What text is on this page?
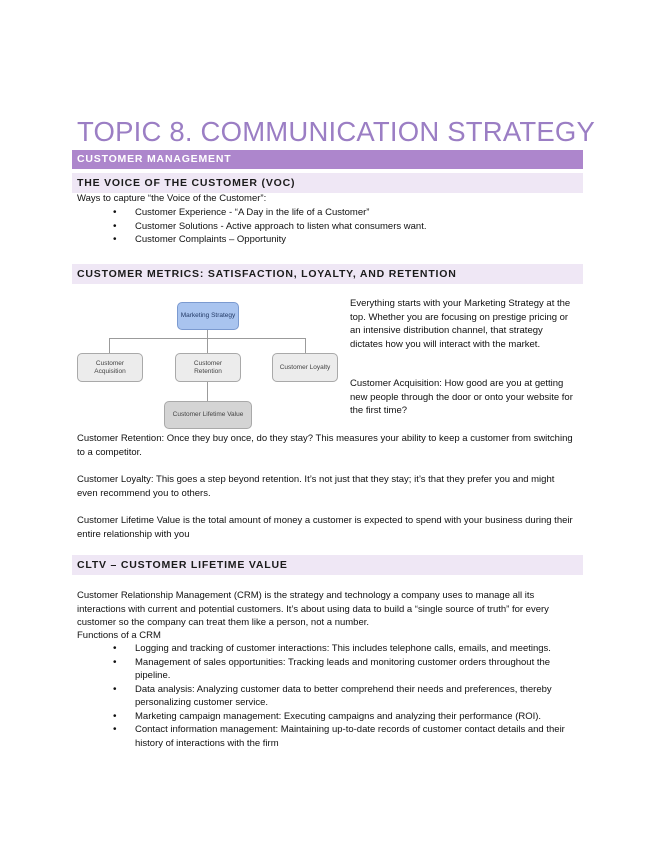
TOPIC 8. COMMUNICATION STRATEGY
CUSTOMER MANAGEMENT
THE VOICE OF THE CUSTOMER (VOC)
Ways to capture “the Voice of the Customer”:
• Customer Experience - “A Day in the life of a Customer”
• Customer Solutions - Active approach to listen what consumers want.
• Customer Complaints – Opportunity
CUSTOMER METRICS: SATISFACTION, LOYALTY, AND RETENTION
Everything starts with your Marketing Strategy at the top. Whether you are focusing on prestige pricing or an intensive distribution channel, that strategy dictates how you will interact with the market.
Customer Acquisition: How good are you at getting new people through the door or onto your website for the first time?
Customer Retention: Once they buy once, do they stay? This measures your ability to keep a customer from switching to a competitor.
Customer Loyalty: This goes a step beyond retention. It’s not just that they stay; it’s that they prefer you and might even recommend you to others.
Customer Lifetime Value is the total amount of money a customer is expected to spend with your business during their entire relationship with you
CLTV – CUSTOMER LIFETIME VALUE
Customer Relationship Management (CRM) is the strategy and technology a company uses to manage all its interactions with current and potential customers. It’s about using data to build a “single source of truth” for every customer so the company can treat them like a person, not a number.
Functions of a CRM
• Logging and tracking of customer interactions: This includes telephone calls, emails, and meetings.
• Management of sales opportunities: Tracking leads and monitoring customer orders throughout the pipeline.
• Data analysis: Analyzing customer data to better comprehend their needs and preferences, thereby personalizing customer service.
• Marketing campaign management: Executing campaigns and analyzing their performance (ROI).
• Contact information management: Maintaining up-to-date records of customer contact details and their history of interactions with the firm
Marketing Strategy
Customer
Acquisition
Customer
Retention
Customer Loyalty
Customer Lifetime Value
